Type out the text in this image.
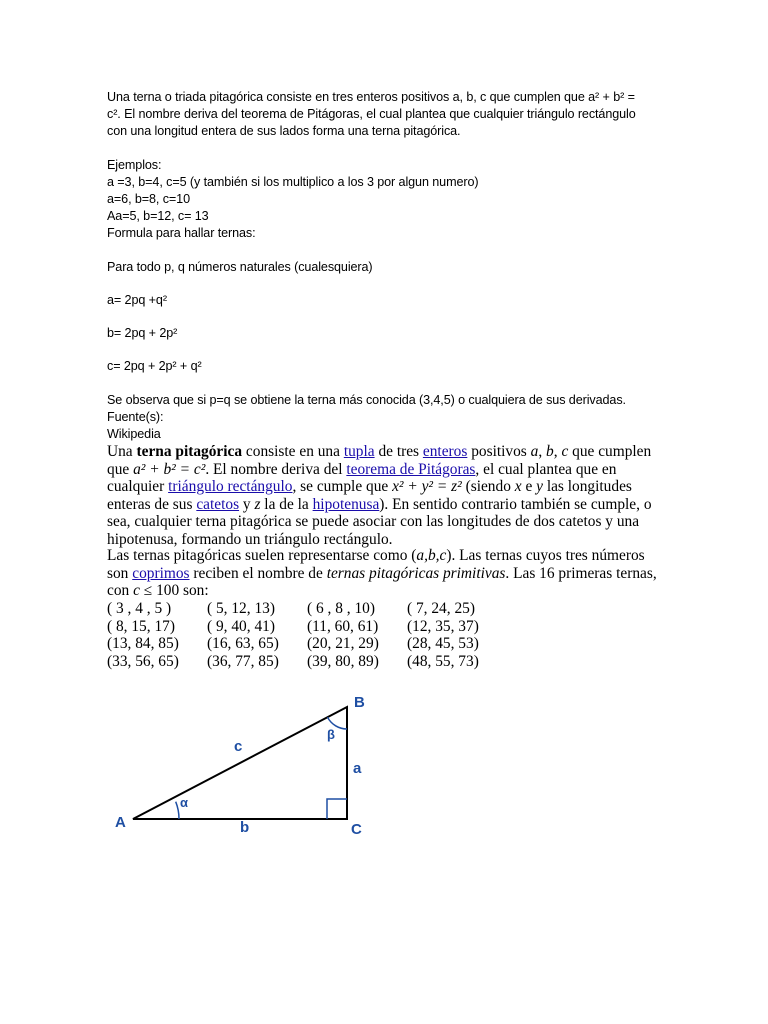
Una terna o triada pitagórica consiste en tres enteros positivos a, b, c que cumplen que a² + b² =
c². El nombre deriva del teorema de Pitágoras, el cual plantea que cualquier triángulo rectángulo
con una longitud entera de sus lados forma una terna pitagórica.
Ejemplos:
a =3, b=4, c=5 (y también si los multiplico a los 3 por algun numero)
a=6, b=8, c=10
Aa=5, b=12, c= 13
Formula para hallar ternas:
Para todo p, q números naturales (cualesquiera)
a= 2pq +q²
b= 2pq + 2p²
c= 2pq + 2p² + q²
Se observa que si p=q se obtiene la terna más conocida (3,4,5) o cualquiera de sus derivadas.
Fuente(s):
Wikipedia
Una terna pitagórica consiste en una tupla de tres enteros positivos a, b, c que cumplen que a² + b² = c². El nombre deriva del teorema de Pitágoras, el cual plantea que en cualquier triángulo rectángulo, se cumple que x² + y² = z² (siendo x e y las longitudes enteras de sus catetos y z la de la hipotenusa). En sentido contrario también se cumple, o sea, cualquier terna pitagórica se puede asociar con las longitudes de dos catetos y una hipotenusa, formando un triángulo rectángulo.
Las ternas pitagóricas suelen representarse como (a,b,c). Las ternas cuyos tres números son coprimos reciben el nombre de ternas pitagóricas primitivas. Las 16 primeras ternas, con c ≤ 100 son:
( 3 , 4 , 5 )	( 5, 12, 13)	( 6 , 8 , 10)	( 7, 24, 25)
( 8, 15, 17)	( 9, 40, 41)	(11, 60, 61)	(12, 35, 37)
(13, 84, 85)	(16, 63, 65)	(20, 21, 29)	(28, 45, 53)
(33, 56, 65)	(36, 77, 85)	(39, 80, 89)	(48, 55, 73)
A
B
C
a
b
c
α
β
